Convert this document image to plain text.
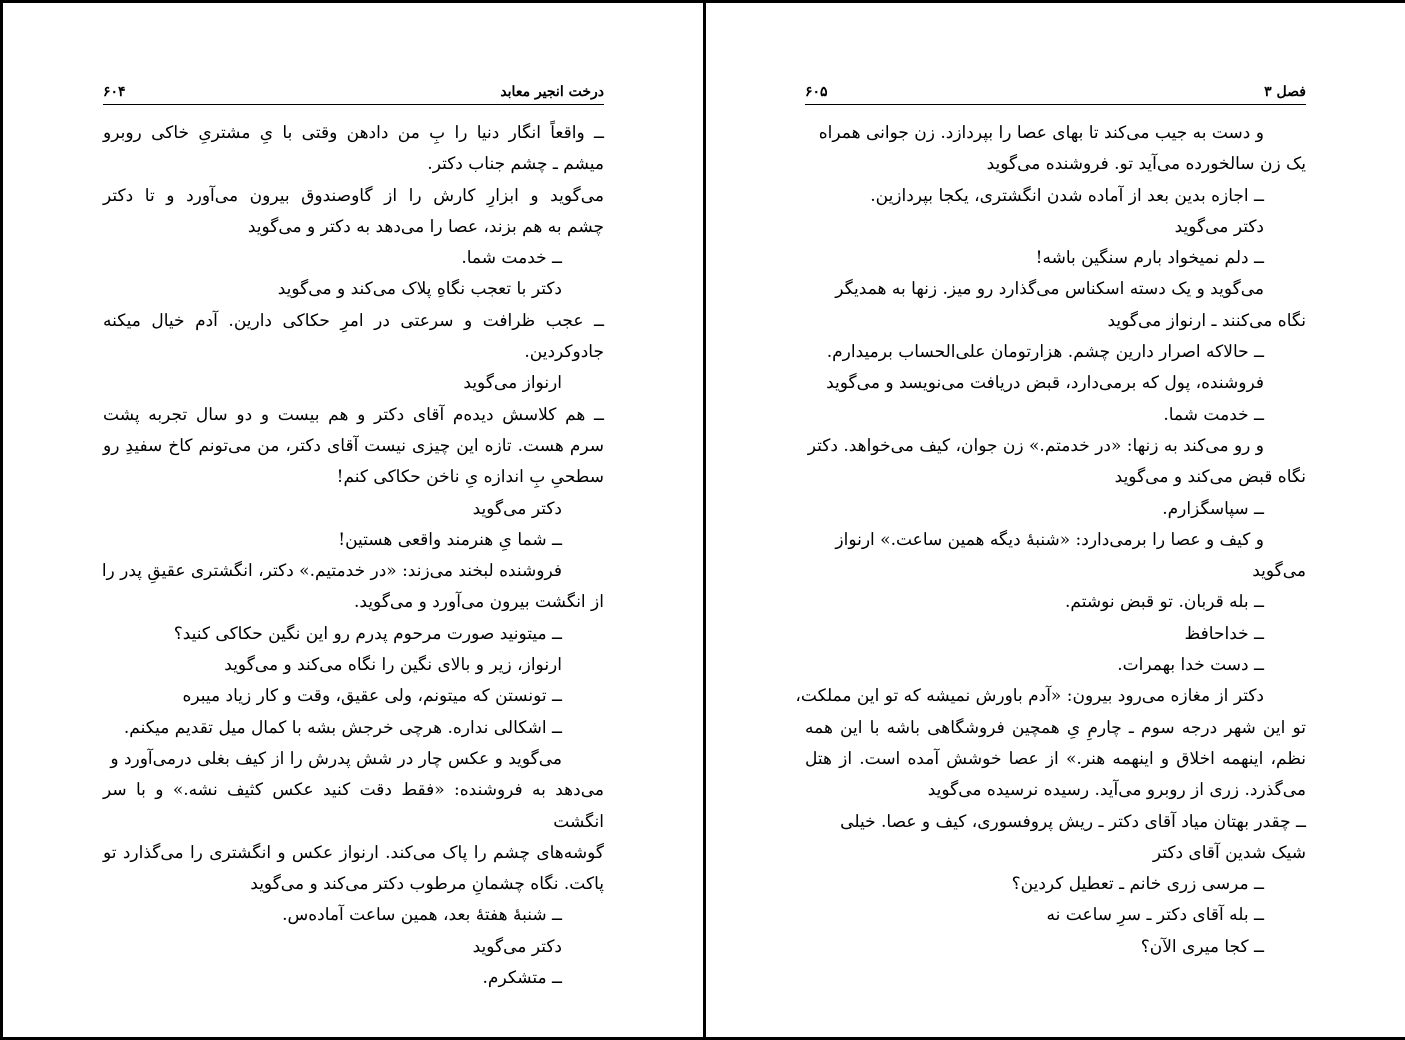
۶۰۴	درخت انجیر معابد	۶۰۵	فصل ۳
ــ واقعاً انگار دنیا را بِ من دادهن وقتی با یِ مشتریِ خاکی روبرو
میشم ـ چشم جناب دکتر.
می‌گوید و ابزارِ کارش را از گاوصندوق بیرون می‌آورد و تا دکتر
چشم به هم بزند، عصا را می‌دهد به دکتر و می‌گوید
ــ خدمت شما.
دکتر با تعجب نگاهِ پلاک می‌کند و می‌گوید
ــ عجب ظرافت و سرعتی در امرِ حکاکی دارین. آدم خیال میکنه
جادوکردین.
ارنواز می‌گوید
ــ هم کلاسش دیده‌م آقای دکتر و هم بیست و دو سال تجربه پشت
سرم هست. تازه این چیزی نیست آقای دکتر، من می‌تونم کاخ سفیدِ رو
سطحیِ بِ اندازه یِ ناخن حکاکی کنم!
دکتر می‌گوید
ــ شما یِ هنرمند واقعی هستین!
فروشنده لبخند می‌زند: «در خدمتیم.» دکتر، انگشتری عقیقِ پدر را
از انگشت بیرون می‌آورد و می‌گوید.
ــ میتونید صورت مرحوم پدرم رو این نگین حکاکی کنید؟
ارنواز، زیر و بالای نگین را نگاه می‌کند و می‌گوید
ــ تونستن که میتونم، ولی عقیق، وقت و کار زیاد میبره
ــ اشکالی نداره. هرچی خرجش بشه با کمال میل تقدیم میکنم.
می‌گوید و عکس چار در شش پدرش را از کیف بغلی درمی‌آورد و
می‌دهد به فروشنده: «فقط دقت کنید عکس کثیف نشه.» و با سر انگشت
گوشه‌های چشم را پاک می‌کند. ارنواز عکس و انگشتری را می‌گذارد تو
پاکت. نگاه چشمانِ مرطوب دکتر می‌کند و می‌گوید
ــ شنبهٔ هفتهٔ بعد، همین ساعت آماده‌س.
دکتر می‌گوید
ــ متشکرم.
و دست به جیب می‌کند تا بهای عصا را بپردازد. زن جوانی همراه
یک زن سالخورده می‌آید تو. فروشنده می‌گوید
ــ اجازه بدین بعد از آماده شدن انگشتری، یکجا بپردازین.
دکتر می‌گوید
ــ دلم نمیخواد بارم سنگین باشه!
می‌گوید و یک دسته اسکناس می‌گذارد رو میز. زنها به همدیگر
نگاه می‌کنند ـ ارنواز می‌گوید
ــ حالاکه اصرار دارین چشم. هزارتومان علی‌الحساب برمیدارم.
فروشنده، پول که برمی‌دارد، قبض دریافت می‌نویسد و می‌گوید
ــ خدمت شما.
و رو می‌کند به زنها: «در خدمتم.» زن جوان، کیف می‌خواهد. دکتر
نگاه قبض می‌کند و می‌گوید
ــ سپاسگزارم.
و کیف و عصا را برمی‌دارد: «شنبهٔ دیگه همین ساعت.» ارنواز
می‌گوید
ــ بله قربان. تو قبض نوشتم.
ــ خداحافظ
ــ دست خدا بهمرات.
دکتر از مغازه می‌رود بیرون: «آدم باورش نمیشه که تو این مملکت،
تو این شهر درجه سوم ـ چارمِ یِ همچین فروشگاهی باشه با این همه
نظم، اینهمه اخلاق و اینهمه هنر.» از عصا خوشش آمده است. از هتل
می‌گذرد. زری از روبرو می‌آید. رسیده نرسیده می‌گوید
ــ چقدر بهتان میاد آقای دکتر ـ ریش پروفسوری، کیف و عصا. خیلی
شیک شدین آقای دکتر
ــ مرسی زری خانم ـ تعطیل کردین؟
ــ بله آقای دکتر ـ سرِ ساعت نه
ــ کجا میری الآن؟
